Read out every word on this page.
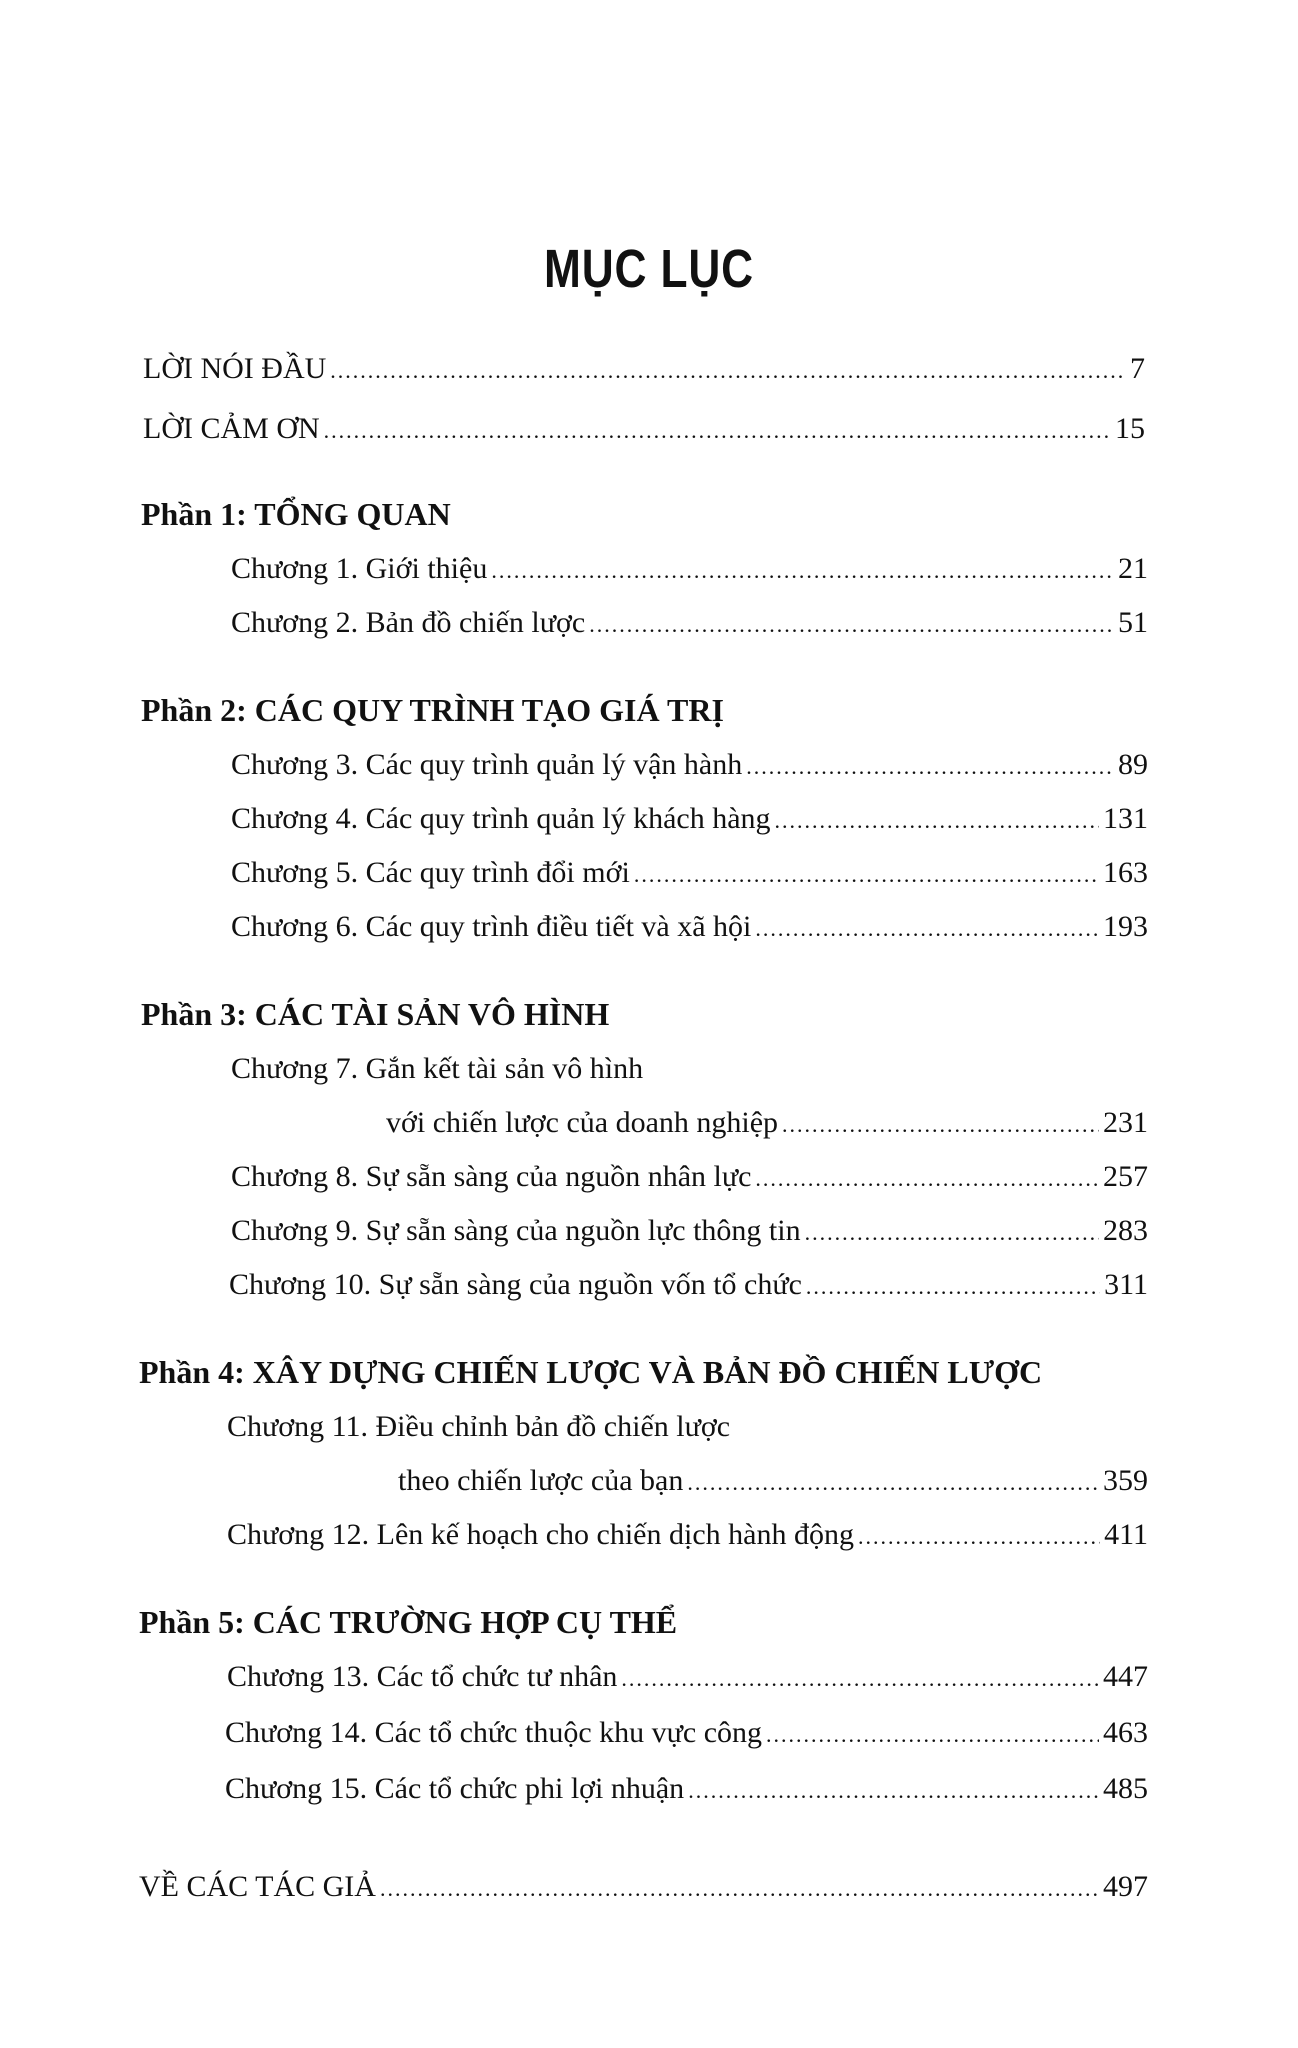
MỤC LỤC
LỜI NÓI ĐẦU .....	7
LỜI CẢM ƠN .....	15
Phần 1: TỔNG QUAN
Chương 1. Giới thiệu .....	21
Chương 2. Bản đồ chiến lược .....	51
Phần 2: CÁC QUY TRÌNH TẠO GIÁ TRỊ
Chương 3. Các quy trình quản lý vận hành .....	89
Chương 4. Các quy trình quản lý khách hàng .....	131
Chương 5. Các quy trình đổi mới .....	163
Chương 6. Các quy trình điều tiết và xã hội .....	193
Phần 3: CÁC TÀI SẢN VÔ HÌNH
Chương 7. Gắn kết tài sản vô hình
với chiến lược của doanh nghiệp .....	231
Chương 8. Sự sẵn sàng của nguồn nhân lực .....	257
Chương 9. Sự sẵn sàng của nguồn lực thông tin .....	283
Chương 10. Sự sẵn sàng của nguồn vốn tổ chức .....	311
Phần 4: XÂY DỰNG CHIẾN LƯỢC VÀ BẢN ĐỒ CHIẾN LƯỢC
Chương 11. Điều chỉnh bản đồ chiến lược
theo chiến lược của bạn .....	359
Chương 12. Lên kế hoạch cho chiến dịch hành động .....	411
Phần 5: CÁC TRƯỜNG HỢP CỤ THỂ
Chương 13. Các tổ chức tư nhân .....	447
Chương 14. Các tổ chức thuộc khu vực công .....	463
Chương 15. Các tổ chức phi lợi nhuận .....	485
VỀ CÁC TÁC GIẢ .....	497
